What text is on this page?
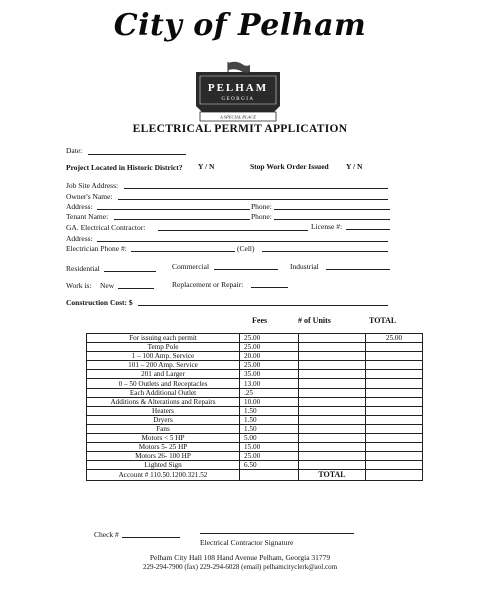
City of Pelham
PELHAM
GEORGIA
A SPECIAL PLACE
ELECTRICAL PERMIT APPLICATION
Date:
Project Located in Historic District? Y / N	Stop Work Order Issued Y / N
Job Site Address:
Owner's Name:
Address:	Phone:
Tenant Name:	Phone:
GA. Electrical Contractor:	License #:
Address:
Electrician Phone #:	(Cell)
Residential	Commercial	Industrial
Work is: New	Replacement or Repair:
Construction Cost: $
Fees	# of Units	TOTAL
For issuing each permit	25.00		25.00
Temp Pole	25.00		
1 – 100 Amp. Service	20.00		
101 – 200 Amp. Service	25.00		
201 and Larger	35.00		
0 – 50 Outlets and Receptacles	13.00		
Each Additional Outlet	.25		
Additions & Alterations and Repairs	10.00		
Heaters	1.50		
Dryers	1.50		
Fans	1.50		
Motors < 5 HP	5.00		
Motors 5- 25 HP	15.00		
Motors 26- 100 HP	25.00		
Lighted Sign	6.50		
Account # 110.50.1200.321.52		TOTAL	
Check #
Electrical Contractor Signature
Pelham City Hall 108 Hand Avenue Pelham, Georgia 31779
229-294-7900 (fax) 229-294-6028 (email) pelhamcityclerk@aol.com
